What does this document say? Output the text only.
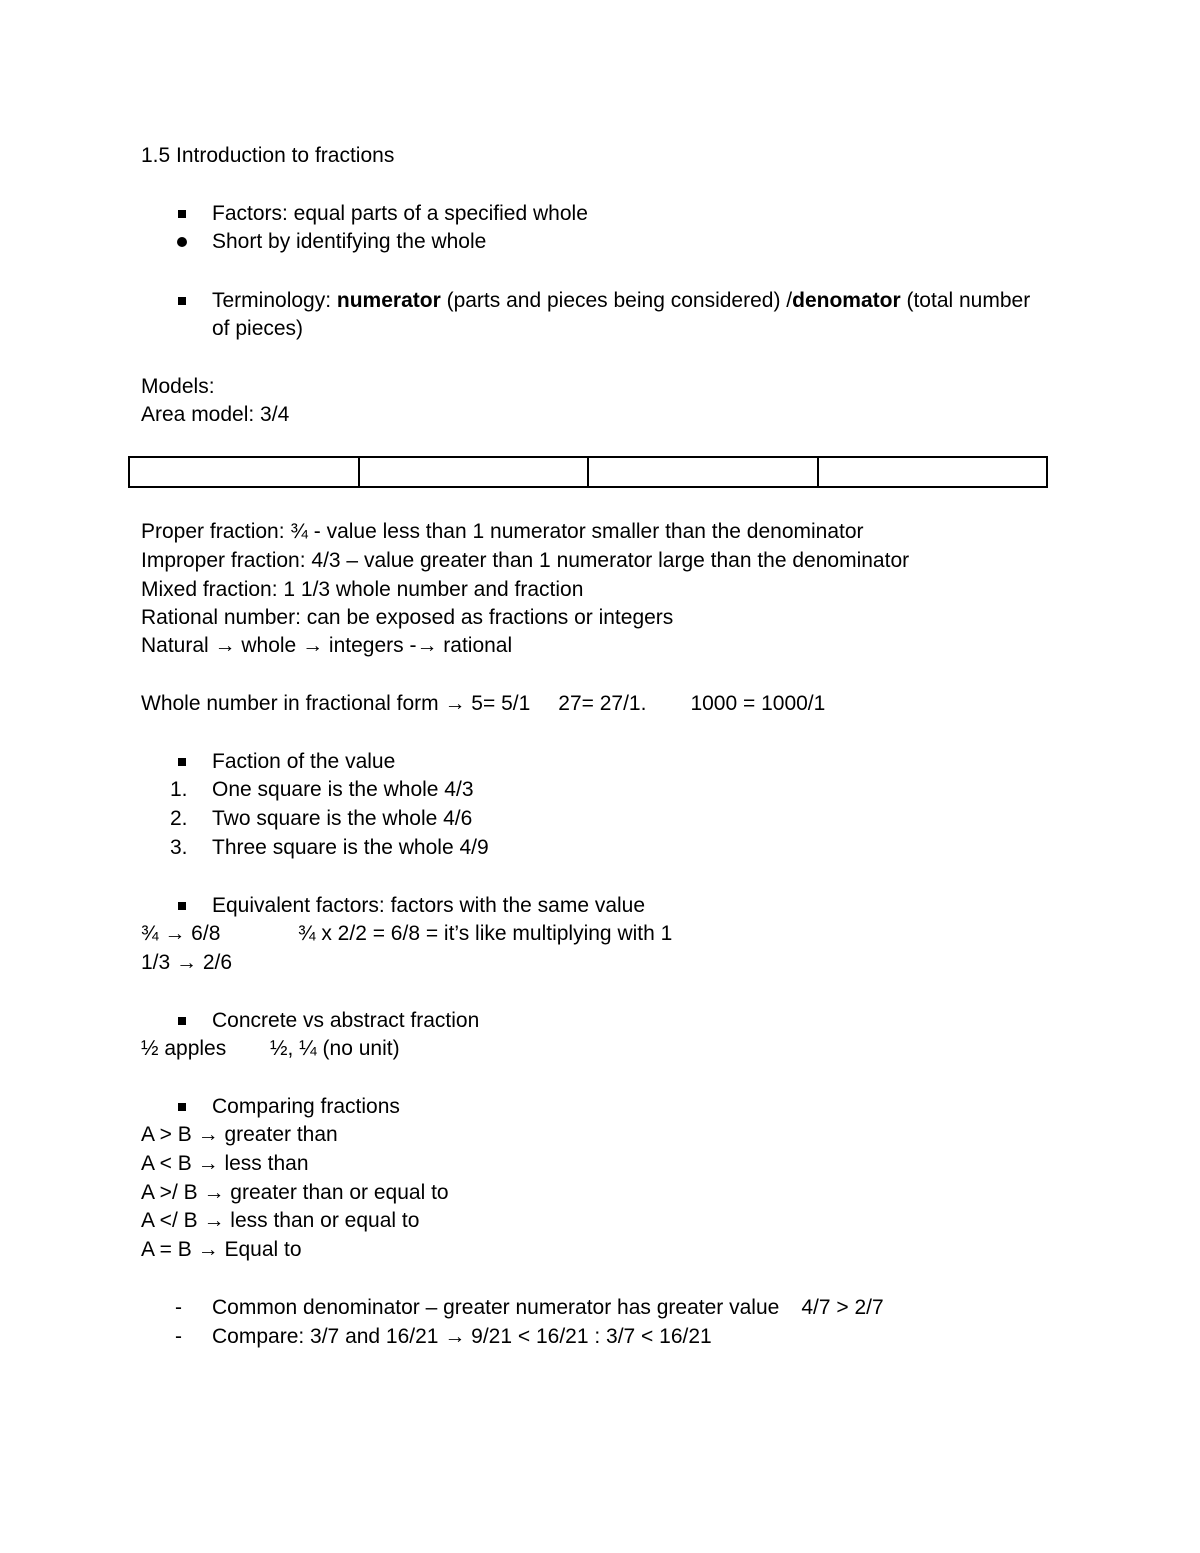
1.5 Introduction to fractions
Factors: equal parts of a specified whole
Short by identifying the whole
Terminology: numerator (parts and pieces being considered) /denomator (total number
of pieces)
Models:
Area model: 3/4

Proper fraction: ¾ - value less than 1 numerator smaller than the denominator
Improper fraction: 4/3 – value greater than 1 numerator large than the denominator
Mixed fraction: 1 1/3 whole number and fraction
Rational number: can be exposed as fractions or integers
Natural → whole → integers -→ rational
Whole number in fractional form → 5= 5/1 27= 27/1. 1000 = 1000/1
Faction of the value
1.	One square is the whole 4/3
2.	Two square is the whole 4/6
3.	Three square is the whole 4/9
Equivalent factors: factors with the same value
¾ → 6/8	¾ x 2/2 = 6/8 = it’s like multiplying with 1
1/3 → 2/6
Concrete vs abstract fraction
½ apples ½, ¼ (no unit)
Comparing fractions
A > B → greater than
A < B → less than
A >/ B → greater than or equal to
A </ B → less than or equal to
A = B → Equal to
-	Common denominator – greater numerator has greater value 4/7 > 2/7
-	Compare: 3/7 and 16/21 → 9/21 < 16/21 : 3/7 < 16/21
